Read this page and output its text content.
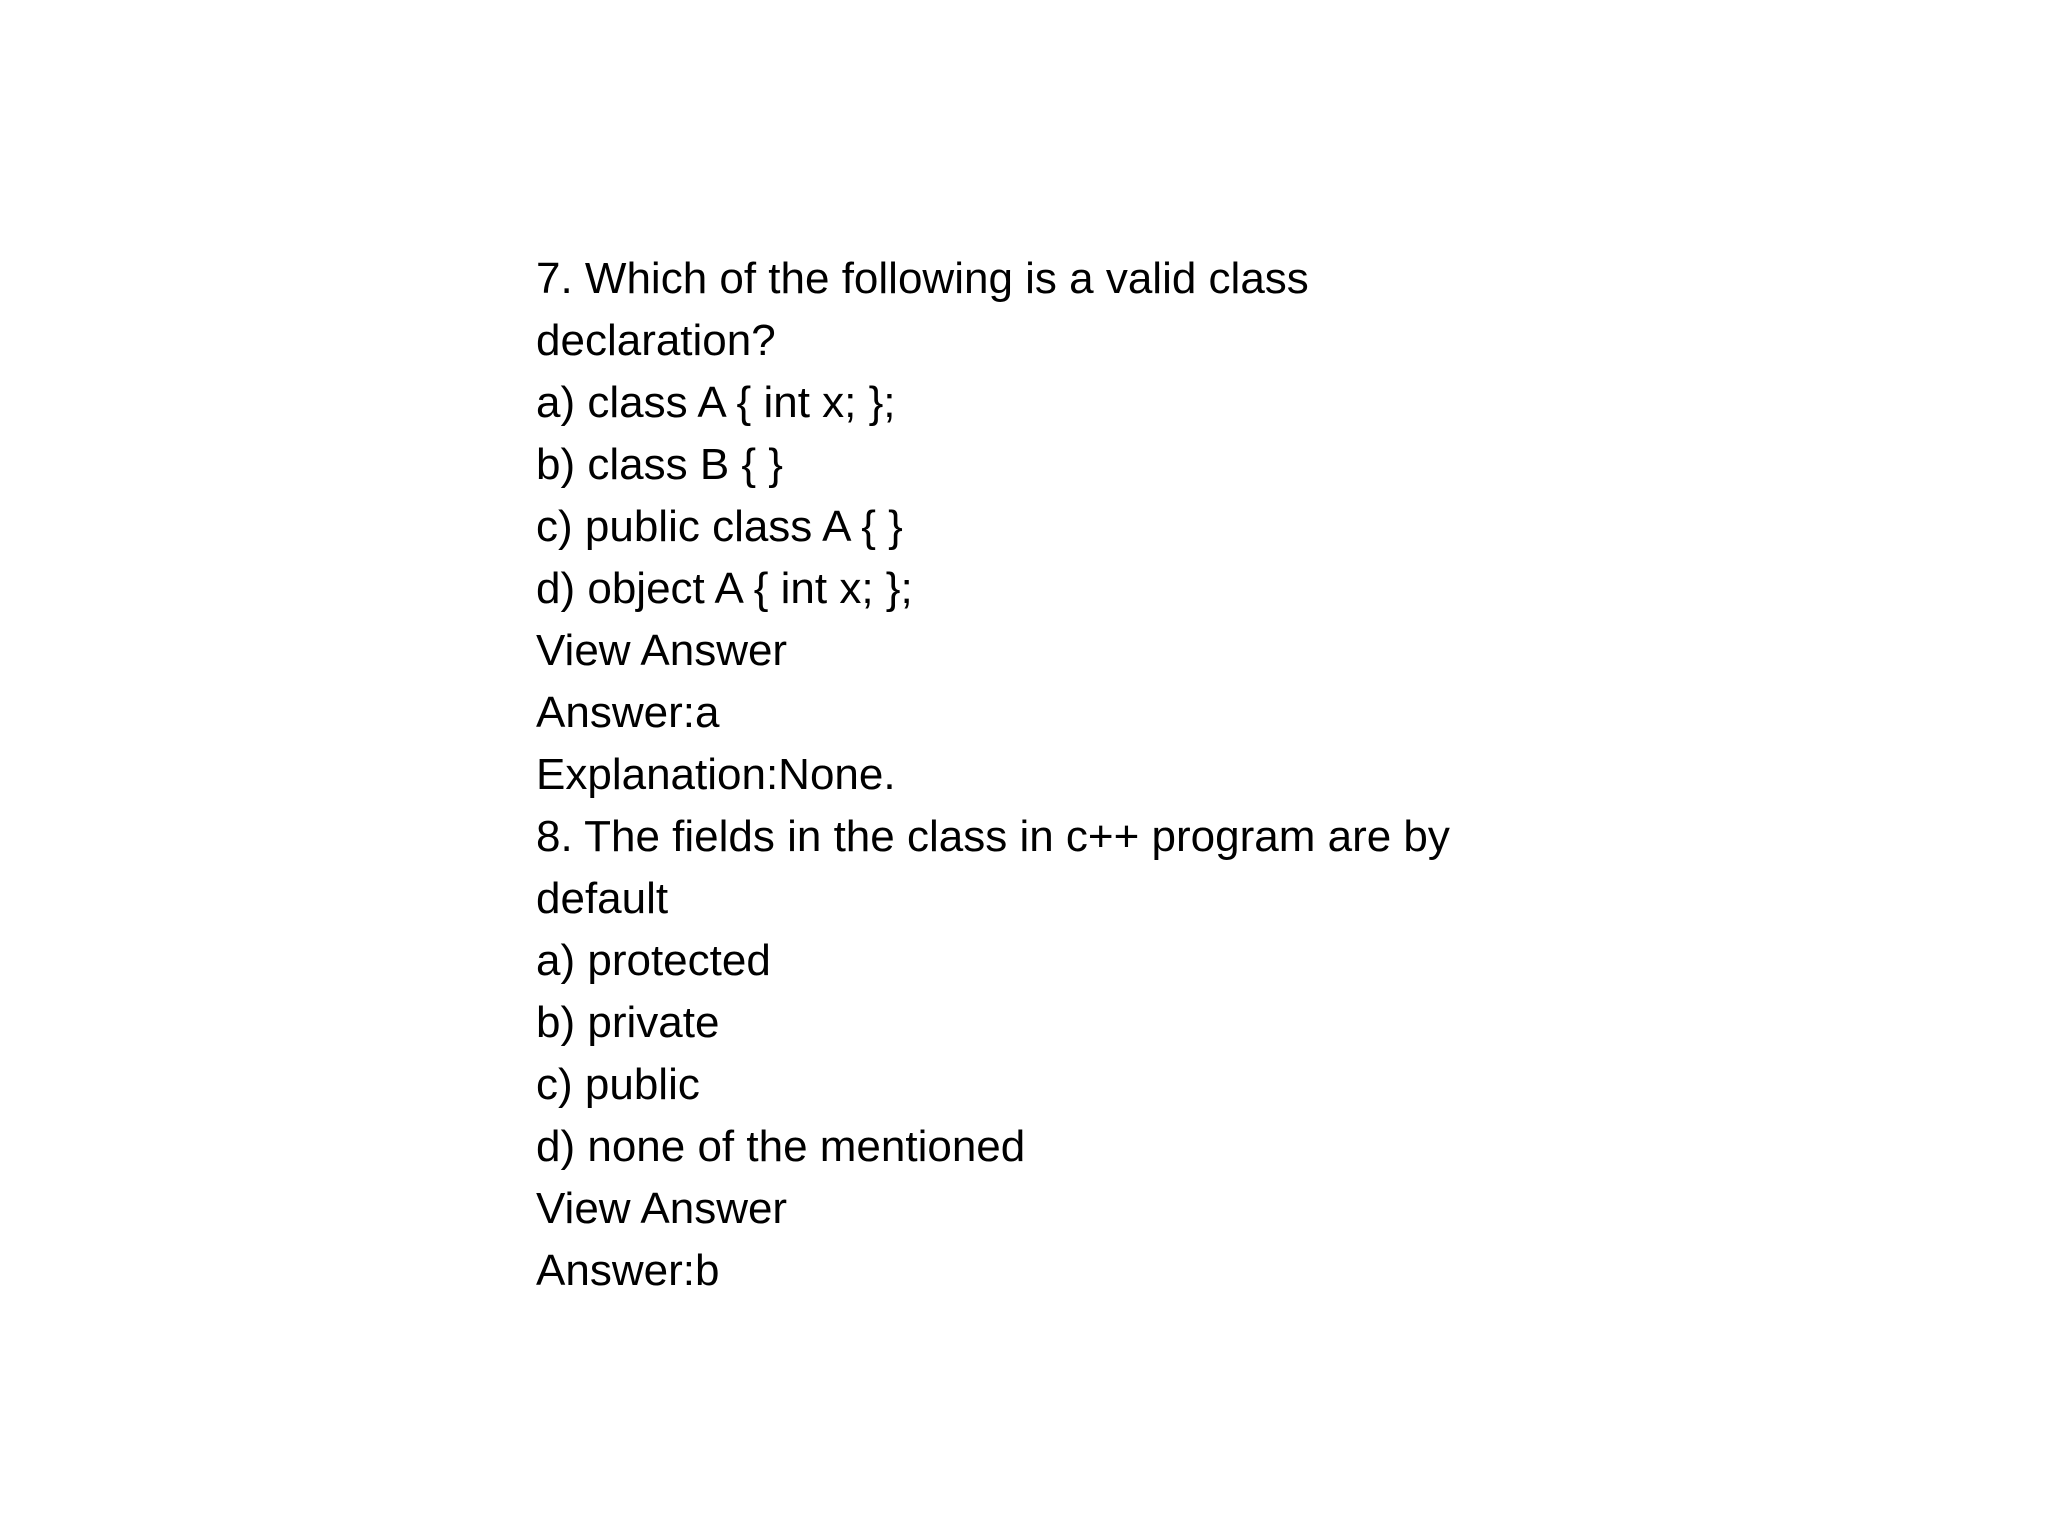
7. Which of the following is a valid class
declaration?
a) class A { int x; };
b) class B { }
c) public class A { }
d) object A { int x; };
View Answer
Answer:a
Explanation:None.
8. The fields in the class in c++ program are by
default
a) protected
b) private
c) public
d) none of the mentioned
View Answer
Answer:b
